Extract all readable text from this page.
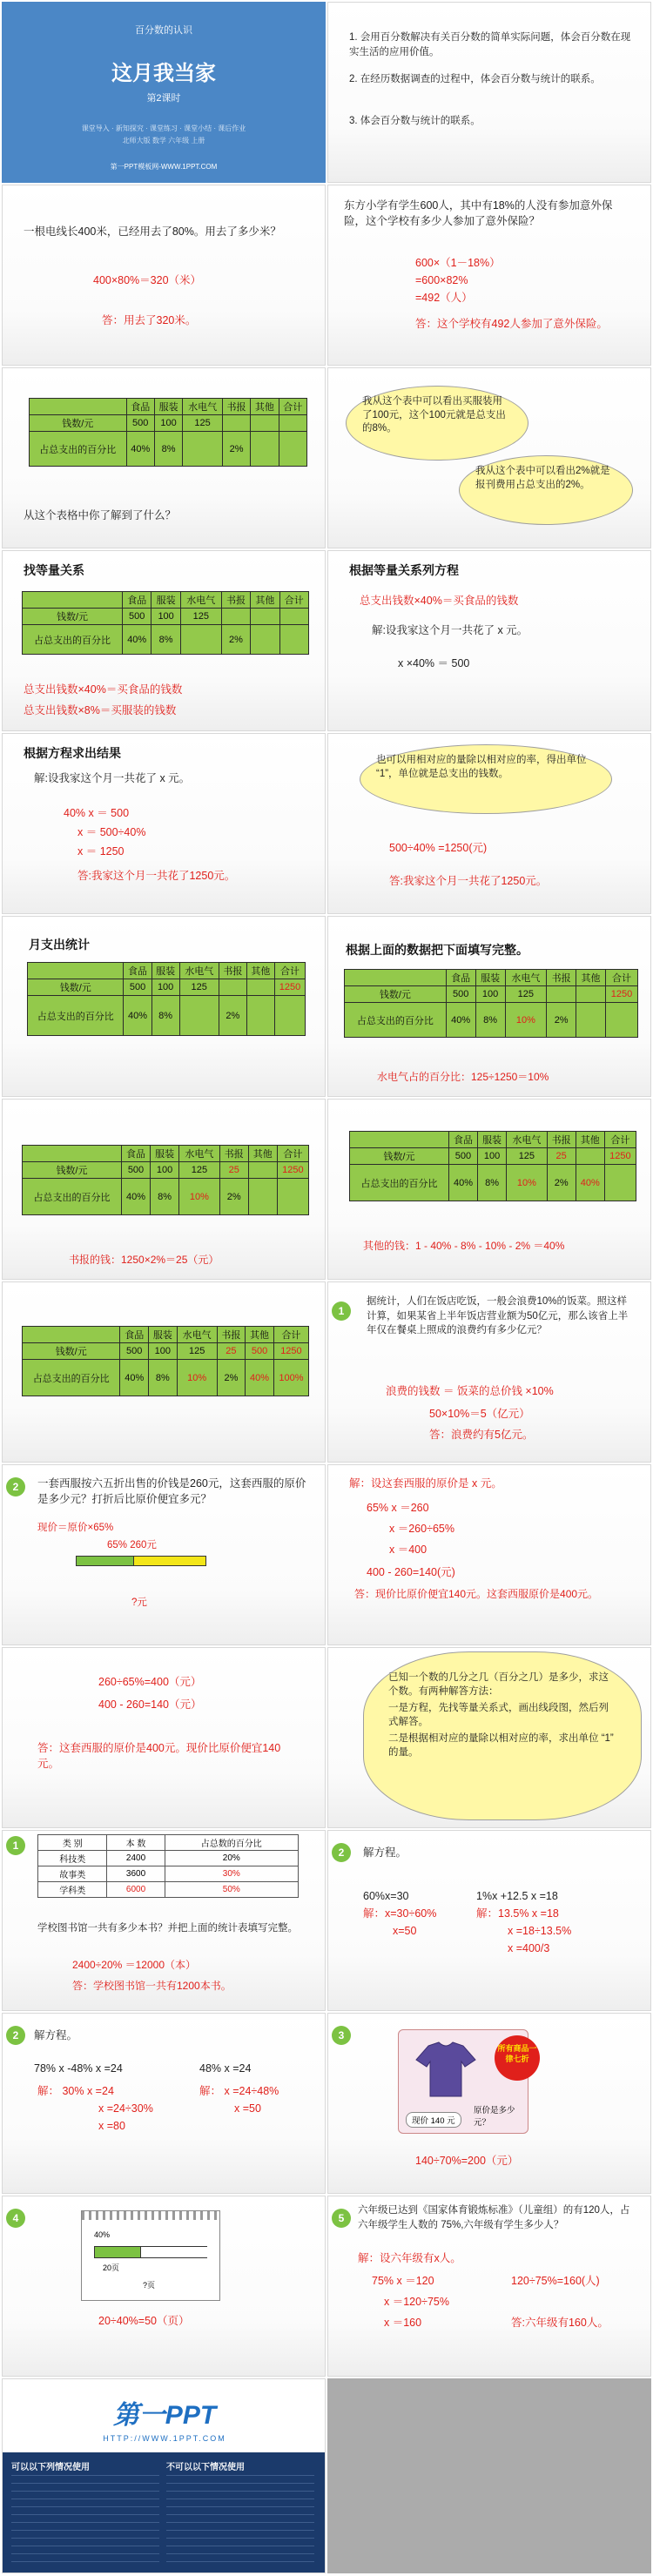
百分数的认识
这月我当家
第2课时
课堂导入 · 新知探究 · 课堂练习 · 课堂小结 · 课后作业
北师大版 数学 六年级 上册
第一PPT模板网-WWW.1PPT.COM
1. 会用百分数解决有关百分数的简单实际问题，体会百分数在现实生活的应用价值。
2. 在经历数据调查的过程中，体会百分数与统计的联系。
3. 体会百分数与统计的联系。
一根电线长400米，已经用去了80%。用去了多少米？
400×80%＝320（米）
答：用去了320米。
东方小学有学生600人，其中有18%的人没有参加意外保险，这个学校有多少人参加了意外保险？
600×（1－18%）
=600×82%
=492（人）
答：这个学校有492人参加了意外保险。
	食品	服装	水电气	书报	其他	合计
钱数/元	500	100	125			
占总支出的百分比	40%	8%		2%		
从这个表格中你了解到了什么？
我从这个表中可以看出买服装用了100元，这个100元就是总支出的8%。
我从这个表中可以看出2%就是报刊费用占总支出的2%。
找等量关系
	食品	服装	水电气	书报	其他	合计
钱数/元	500	100	125			
占总支出的百分比	40%	8%		2%		
总支出钱数×40%＝买食品的钱数
总支出钱数×8%＝买服装的钱数
根据等量关系列方程
总支出钱数×40%＝买食品的钱数
解:设我家这个月一共花了 x 元。
x ×40% ＝ 500
根据方程求出结果
解:设我家这个月一共花了 x 元。
40% x ＝ 500
x ＝ 500÷40%
x ＝ 1250
答:我家这个月一共花了1250元。
也可以用相对应的量除以相对应的率，得出单位 “1”，单位就是总支出的钱数。
500÷40% =1250(元)
答:我家这个月一共花了1250元。
月支出统计
	食品	服装	水电气	书报	其他	合计
钱数/元	500	100	125			1250
占总支出的百分比	40%	8%		2%		
根据上面的数据把下面填写完整。
	食品	服装	水电气	书报	其他	合计
钱数/元	500	100	125			1250
占总支出的百分比	40%	8%	10%	2%		
水电气占的百分比：125÷1250＝10%
	食品	服装	水电气	书报	其他	合计
钱数/元	500	100	125	25		1250
占总支出的百分比	40%	8%	10%	2%		
书报的钱：1250×2%＝25（元）
	食品	服装	水电气	书报	其他	合计
钱数/元	500	100	125	25		1250
占总支出的百分比	40%	8%	10%	2%	40%	
其他的钱：1 - 40% - 8% - 10% - 2% ＝40%
	食品	服装	水电气	书报	其他	合计
钱数/元	500	100	125	25	500	1250
占总支出的百分比	40%	8%	10%	2%	40%	100%
1
据统计，人们在饭店吃饭，一般会浪费10%的饭菜。照这样计算，如果某省上半年饭店营业额为50亿元，那么该省上半年仅在餐桌上照成的浪费约有多少亿元？
浪费的钱数 ＝ 饭菜的总价钱 ×10%
50×10%＝5（亿元）
答：浪费约有5亿元。
2	一套西服按六五折出售的价钱是260元，这套西服的原价是多少元？打折后比原价便宜多元？
现价＝原价×65%
65% 260元
?元
解：设这套西服的原价是 x 元。
65% x ＝260
x ＝260÷65%
x ＝400
400 - 260=140(元)
答：现价比原价便宜140元。这套西服原价是400元。
260÷65%=400（元）
400 - 260=140（元）
答：这套西服的原价是400元。现价比原价便宜140元。
已知一个数的几分之几（百分之几）是多少，求这个数。有两种解答方法：
一是方程，先找等量关系式，画出线段图，然后列式解答。
二是根据相对应的量除以相对应的率，求出单位 “1” 的量。
1	类 别	本 数	占总数的百分比
科技类	2400	20%
故事类	3600	30%
学科类	6000	50%
学校图书馆一共有多少本书？并把上面的统计表填写完整。
2400÷20% ＝12000（本）
答：学校图书馆一共有1200本书。
2	解方程。
60%x=30
解：x=30÷60%
x=50
1%x +12.5 x =18
解：13.5% x =18
x =18÷13.5%
x =400/3
2	解方程。
78% x -48% x =24
解： 30% x =24
x =24÷30%
x =80
48% x =24
解： x =24÷48%
x =50
3
所有商品一律七折
现价 140 元
原价是多少元？
140÷70%=200（元）
4
40%
20页
?页
20÷40%=50（页）
5
六年级已达到《国家体育锻炼标准》（儿童组）的有120人，占六年级学生人数的 75%,六年级有学生多少人？
解：设六年级有x人。
75% x ＝120
x ＝120÷75%
x ＝160
120÷75%=160(人)
答:六年级有160人。
第一PPT
HTTP://WWW.1PPT.COM
可以以下列情况使用	不可以以下情况使用
